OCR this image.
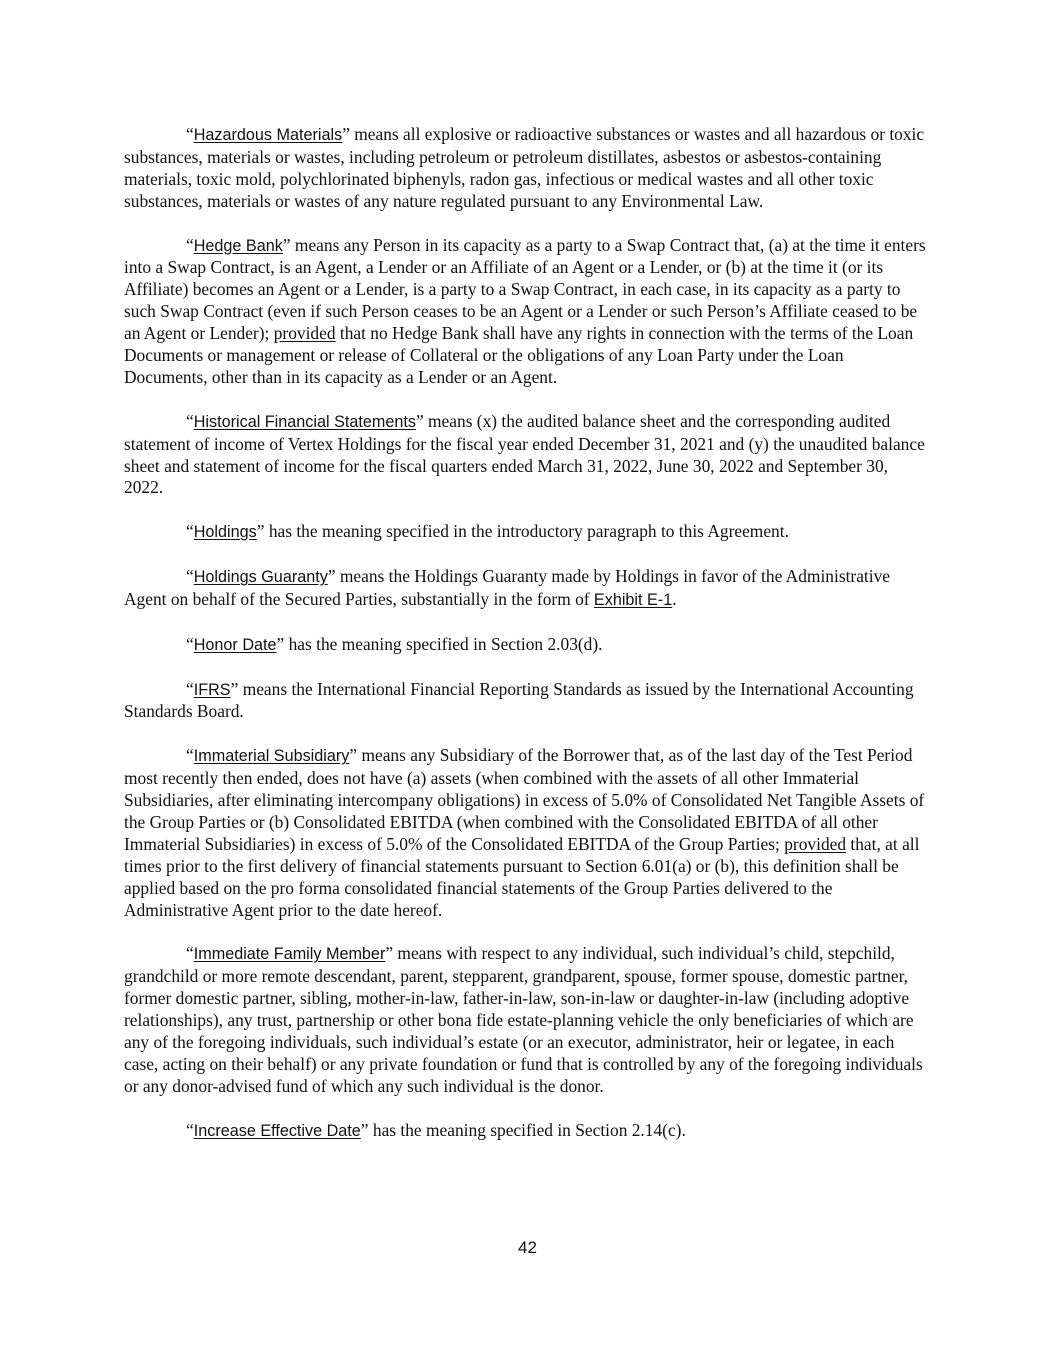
“Hazardous Materials” means all explosive or radioactive substances or wastes and all hazardous or toxic substances, materials or wastes, including petroleum or petroleum distillates, asbestos or asbestos-containing materials, toxic mold, polychlorinated biphenyls, radon gas, infectious or medical wastes and all other toxic substances, materials or wastes of any nature regulated pursuant to any Environmental Law.

“Hedge Bank” means any Person in its capacity as a party to a Swap Contract that, (a) at the time it enters into a Swap Contract, is an Agent, a Lender or an Affiliate of an Agent or a Lender, or (b) at the time it (or its Affiliate) becomes an Agent or a Lender, is a party to a Swap Contract, in each case, in its capacity as a party to such Swap Contract (even if such Person ceases to be an Agent or a Lender or such Person’s Affiliate ceased to be an Agent or Lender); provided that no Hedge Bank shall have any rights in connection with the terms of the Loan Documents or management or release of Collateral or the obligations of any Loan Party under the Loan Documents, other than in its capacity as a Lender or an Agent.

“Historical Financial Statements” means (x) the audited balance sheet and the corresponding audited statement of income of Vertex Holdings for the fiscal year ended December 31, 2021 and (y) the unaudited balance sheet and statement of income for the fiscal quarters ended March 31, 2022, June 30, 2022 and September 30, 2022.

“Holdings” has the meaning specified in the introductory paragraph to this Agreement.

“Holdings Guaranty” means the Holdings Guaranty made by Holdings in favor of the Administrative Agent on behalf of the Secured Parties, substantially in the form of Exhibit E-1.

“Honor Date” has the meaning specified in Section 2.03(d).

“IFRS” means the International Financial Reporting Standards as issued by the International Accounting Standards Board.

“Immaterial Subsidiary” means any Subsidiary of the Borrower that, as of the last day of the Test Period most recently then ended, does not have (a) assets (when combined with the assets of all other Immaterial Subsidiaries, after eliminating intercompany obligations) in excess of 5.0% of Consolidated Net Tangible Assets of the Group Parties or (b) Consolidated EBITDA (when combined with the Consolidated EBITDA of all other Immaterial Subsidiaries) in excess of 5.0% of the Consolidated EBITDA of the Group Parties; provided that, at all times prior to the first delivery of financial statements pursuant to Section 6.01(a) or (b), this definition shall be applied based on the pro forma consolidated financial statements of the Group Parties delivered to the Administrative Agent prior to the date hereof.

“Immediate Family Member” means with respect to any individual, such individual’s child, stepchild, grandchild or more remote descendant, parent, stepparent, grandparent, spouse, former spouse, domestic partner, former domestic partner, sibling, mother-in-law, father-in-law, son-in-law or daughter-in-law (including adoptive relationships), any trust, partnership or other bona fide estate-planning vehicle the only beneficiaries of which are any of the foregoing individuals, such individual’s estate (or an executor, administrator, heir or legatee, in each case, acting on their behalf) or any private foundation or fund that is controlled by any of the foregoing individuals or any donor-advised fund of which any such individual is the donor.

“Increase Effective Date” has the meaning specified in Section 2.14(c).

42
